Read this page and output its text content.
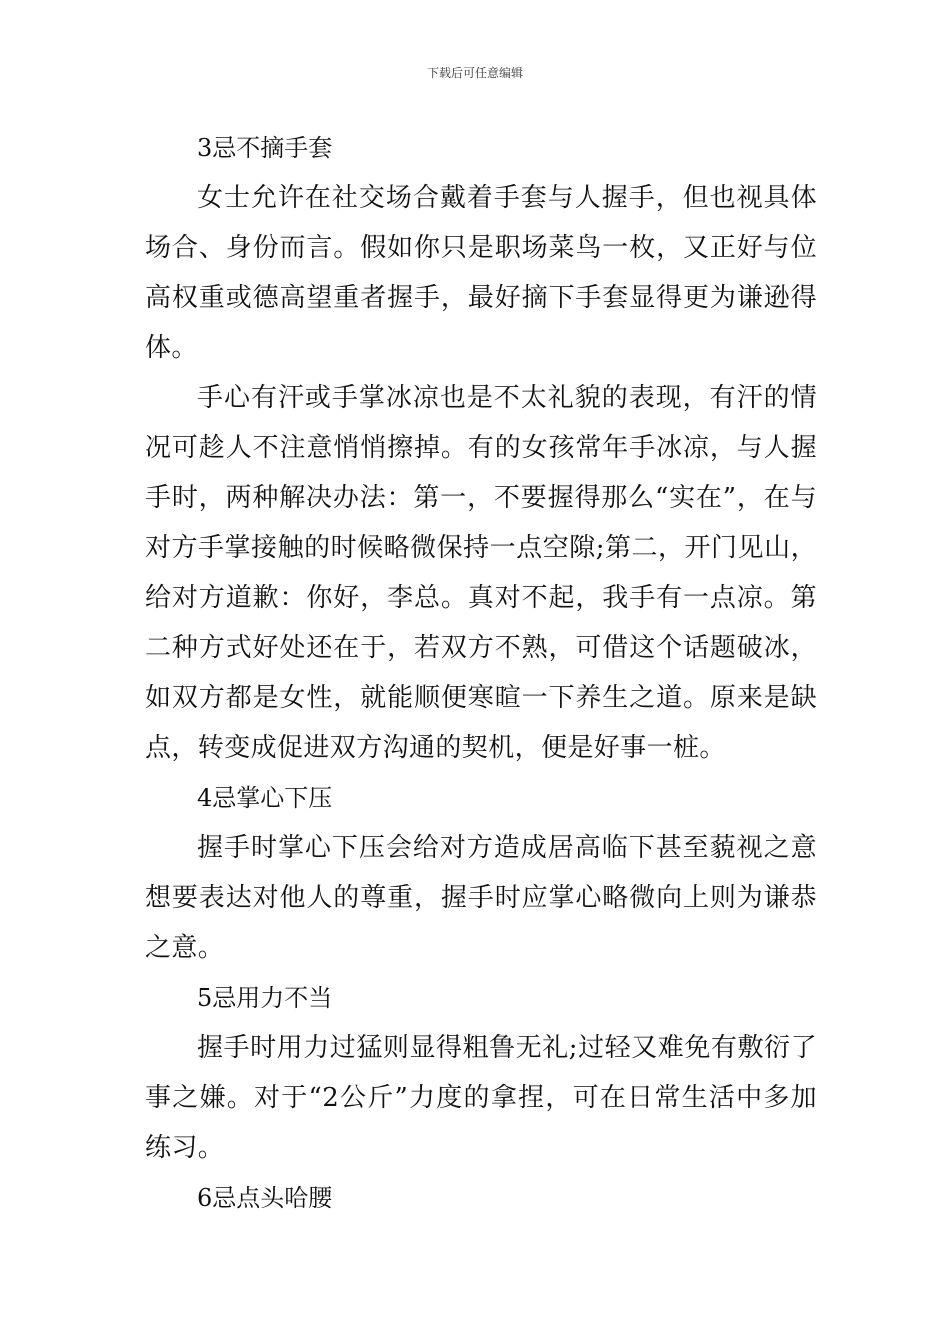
下载后可任意编辑

3忌不摘手套

女士允许在社交场合戴着手套与人握手，但也视具体场合、身份而言。假如你只是职场菜鸟一枚，又正好与位高权重或德高望重者握手，最好摘下手套显得更为谦逊得体。

手心有汗或手掌冰凉也是不太礼貌的表现，有汗的情况可趁人不注意悄悄擦掉。有的女孩常年手冰凉，与人握手时，两种解决办法：第一，不要握得那么“实在”，在与对方手掌接触的时候略微保持一点空隙;第二，开门见山，给对方道歉：你好，李总。真对不起，我手有一点凉。第二种方式好处还在于，若双方不熟，可借这个话题破冰，如双方都是女性，就能顺便寒暄一下养生之道。原来是缺点，转变成促进双方沟通的契机，便是好事一桩。

4忌掌心下压

握手时掌心下压会给对方造成居高临下甚至藐视之意想要表达对他人的尊重，握手时应掌心略微向上则为谦恭之意。

5忌用力不当

握手时用力过猛则显得粗鲁无礼;过轻又难免有敷衍了事之嫌。对于“2公斤”力度的拿捏，可在日常生活中多加练习。

6忌点头哈腰
